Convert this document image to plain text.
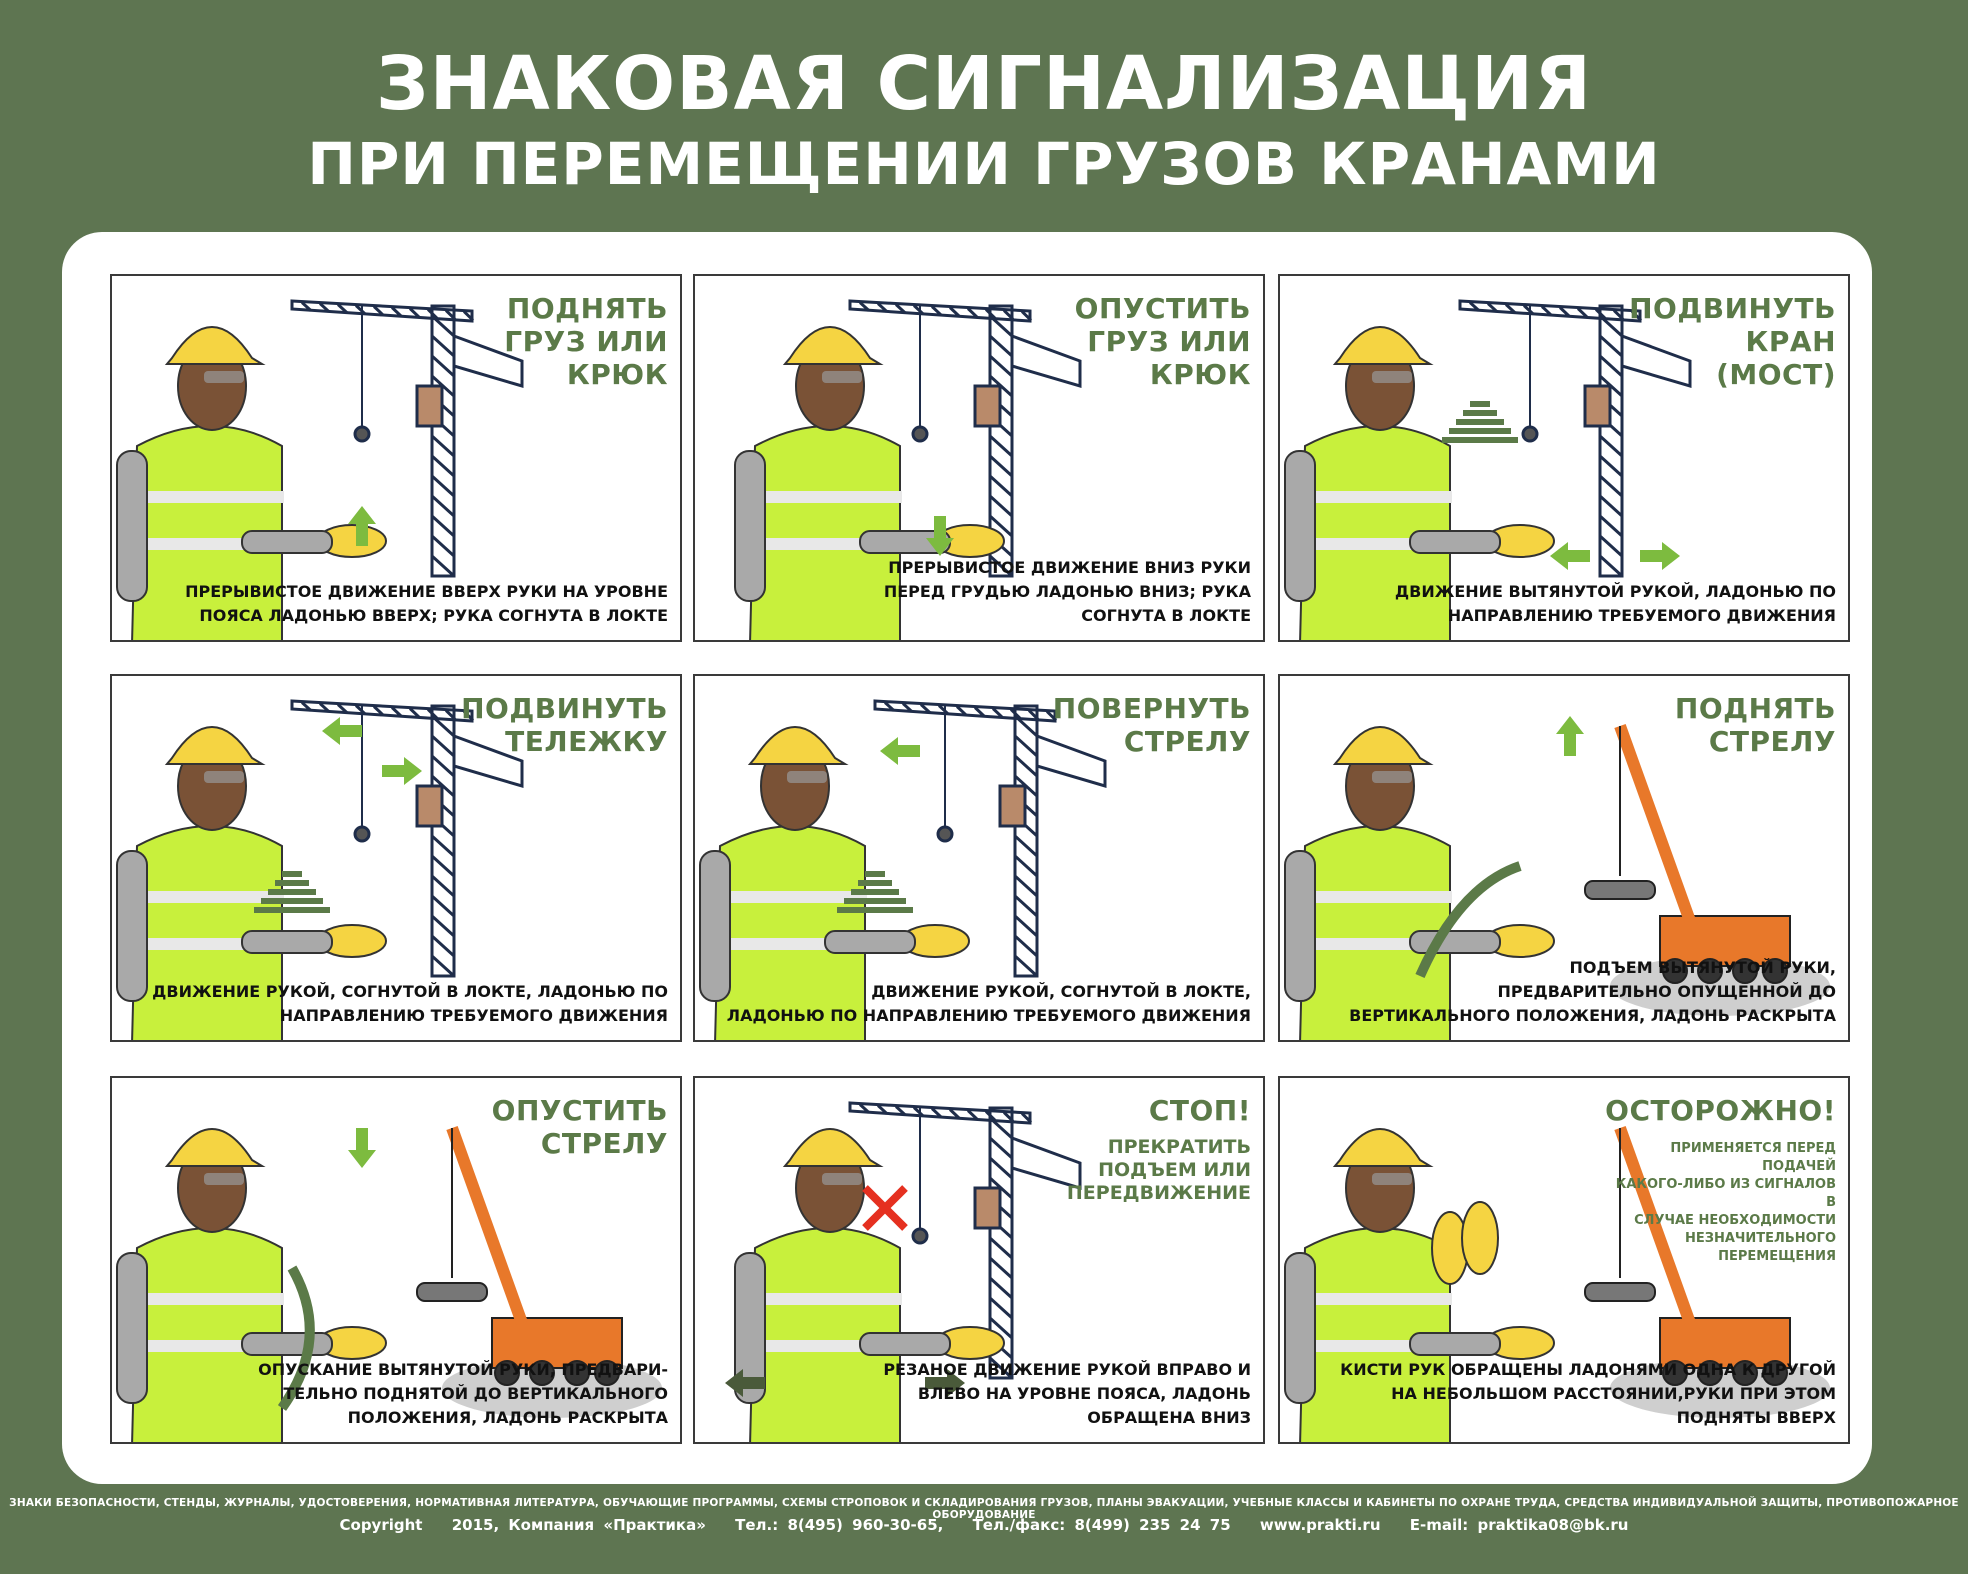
ЗНАКОВАЯ СИГНАЛИЗАЦИЯ
ПРИ ПЕРЕМЕЩЕНИИ ГРУЗОВ КРАНАМИ
ПОДНЯТЬ
ГРУЗ ИЛИ
КРЮК
ПРЕРЫВИСТОЕ ДВИЖЕНИЕ ВВЕРХ РУКИ НА УРОВНЕ
ПОЯСА ЛАДОНЬЮ ВВЕРХ; РУКА СОГНУТА В ЛОКТЕ
ОПУСТИТЬ
ГРУЗ ИЛИ
КРЮК
ПРЕРЫВИСТОЕ ДВИЖЕНИЕ ВНИЗ РУКИ
ПЕРЕД ГРУДЬЮ ЛАДОНЬЮ ВНИЗ; РУКА
СОГНУТА В ЛОКТЕ
ПОДВИНУТЬ
КРАН
(МОСТ)
ДВИЖЕНИЕ ВЫТЯНУТОЙ РУКОЙ, ЛАДОНЬЮ ПО
НАПРАВЛЕНИЮ ТРЕБУЕМОГО ДВИЖЕНИЯ
ПОДВИНУТЬ
ТЕЛЕЖКУ
ДВИЖЕНИЕ РУКОЙ, СОГНУТОЙ В ЛОКТЕ, ЛАДОНЬЮ ПО
НАПРАВЛЕНИЮ ТРЕБУЕМОГО ДВИЖЕНИЯ
ПОВЕРНУТЬ
СТРЕЛУ
ДВИЖЕНИЕ РУКОЙ, СОГНУТОЙ В ЛОКТЕ,
ЛАДОНЬЮ ПО НАПРАВЛЕНИЮ ТРЕБУЕМОГО ДВИЖЕНИЯ
ПОДНЯТЬ
СТРЕЛУ
ПОДЪЕМ ВЫТЯНУТОЙ РУКИ,
ПРЕДВАРИТЕЛЬНО ОПУЩЕННОЙ ДО
ВЕРТИКАЛЬНОГО ПОЛОЖЕНИЯ, ЛАДОНЬ РАСКРЫТА
ОПУСТИТЬ
СТРЕЛУ
ОПУСКАНИЕ ВЫТЯНУТОЙ РУКИ, ПРЕДВАРИ-
ТЕЛЬНО ПОДНЯТОЙ ДО ВЕРТИКАЛЬНОГО
ПОЛОЖЕНИЯ, ЛАДОНЬ РАСКРЫТА
СТОП!
ПРЕКРАТИТЬ
ПОДЪЕМ ИЛИ
ПЕРЕДВИЖЕНИЕ
РЕЗАНОЕ ДВИЖЕНИЕ РУКОЙ ВПРАВО И
ВЛЕВО НА УРОВНЕ ПОЯСА, ЛАДОНЬ
ОБРАЩЕНА ВНИЗ
ОСТОРОЖНО!
ПРИМЕНЯЕТСЯ ПЕРЕД ПОДАЧЕЙ
КАКОГО-ЛИБО ИЗ СИГНАЛОВ В
СЛУЧАЕ НЕОБХОДИМОСТИ
НЕЗНАЧИТЕЛЬНОГО
ПЕРЕМЕЩЕНИЯ
КИСТИ РУК ОБРАЩЕНЫ ЛАДОНЯМИ ОДНА К ДРУГОЙ
НА НЕБОЛЬШОМ РАССТОЯНИИ,РУКИ ПРИ ЭТОМ
ПОДНЯТЫ ВВЕРХ
ЗНАКИ БЕЗОПАСНОСТИ, СТЕНДЫ, ЖУРНАЛЫ, УДОСТОВЕРЕНИЯ, НОРМАТИВНАЯ ЛИТЕРАТУРА, ОБУЧАЮЩИЕ ПРОГРАММЫ, СХЕМЫ СТРОПОВОК И СКЛАДИРОВАНИЯ ГРУЗОВ, ПЛАНЫ ЭВАКУАЦИИ, УЧЕБНЫЕ КЛАССЫ И КАБИНЕТЫ ПО ОХРАНЕ ТРУДА, СРЕДСТВА ИНДИВИДУАЛЬНОЙ ЗАЩИТЫ, ПРОТИВОПОЖАРНОЕ ОБОРУДОВАНИЕ
Copyright 2015, Компания «Практика» Тел.: 8(495) 960-30-65, Тел./факс: 8(499) 235 24 75 www.prakti.ru E-mail: praktika08@bk.ru
